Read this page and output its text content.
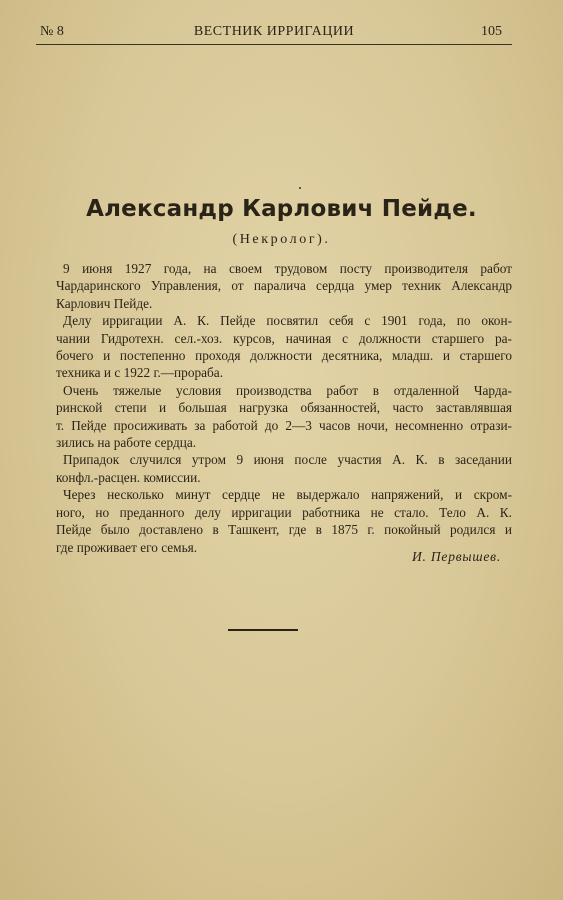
№ 8	ВЕСТНИК ИРРИГАЦИИ	105
Александр Карлович Пейде.
(Некролог).
9 июня 1927 года, на своем трудовом посту производителя работ
Чардаринского Управления, от паралича сердца умер техник Александр
Карлович Пейде.
Делу ирригации А. К. Пейде посвятил себя с 1901 года, по окон-
чании Гидротехн. сел.-хоз. курсов, начиная с должности старшего ра-
бочего и постепенно проходя должности десятника, младш. и старшего
техника и с 1922 г.—прораба.
Очень тяжелые условия производства работ в отдаленной Чарда-
ринской степи и большая нагрузка обязанностей, часто заставлявшая
т. Пейде просиживать за работой до 2—3 часов ночи, несомненно отрази-
зились на работе сердца.
Припадок случился утром 9 июня после участия А. К. в заседании
конфл.-расцен. комиссии.
Через несколько минут сердце не выдержало напряжений, и скром-
ного, но преданного делу ирригации работника не стало. Тело А. К.
Пейде было доставлено в Ташкент, где в 1875 г. покойный родился и
где проживает его семья.
И. Первышев.
